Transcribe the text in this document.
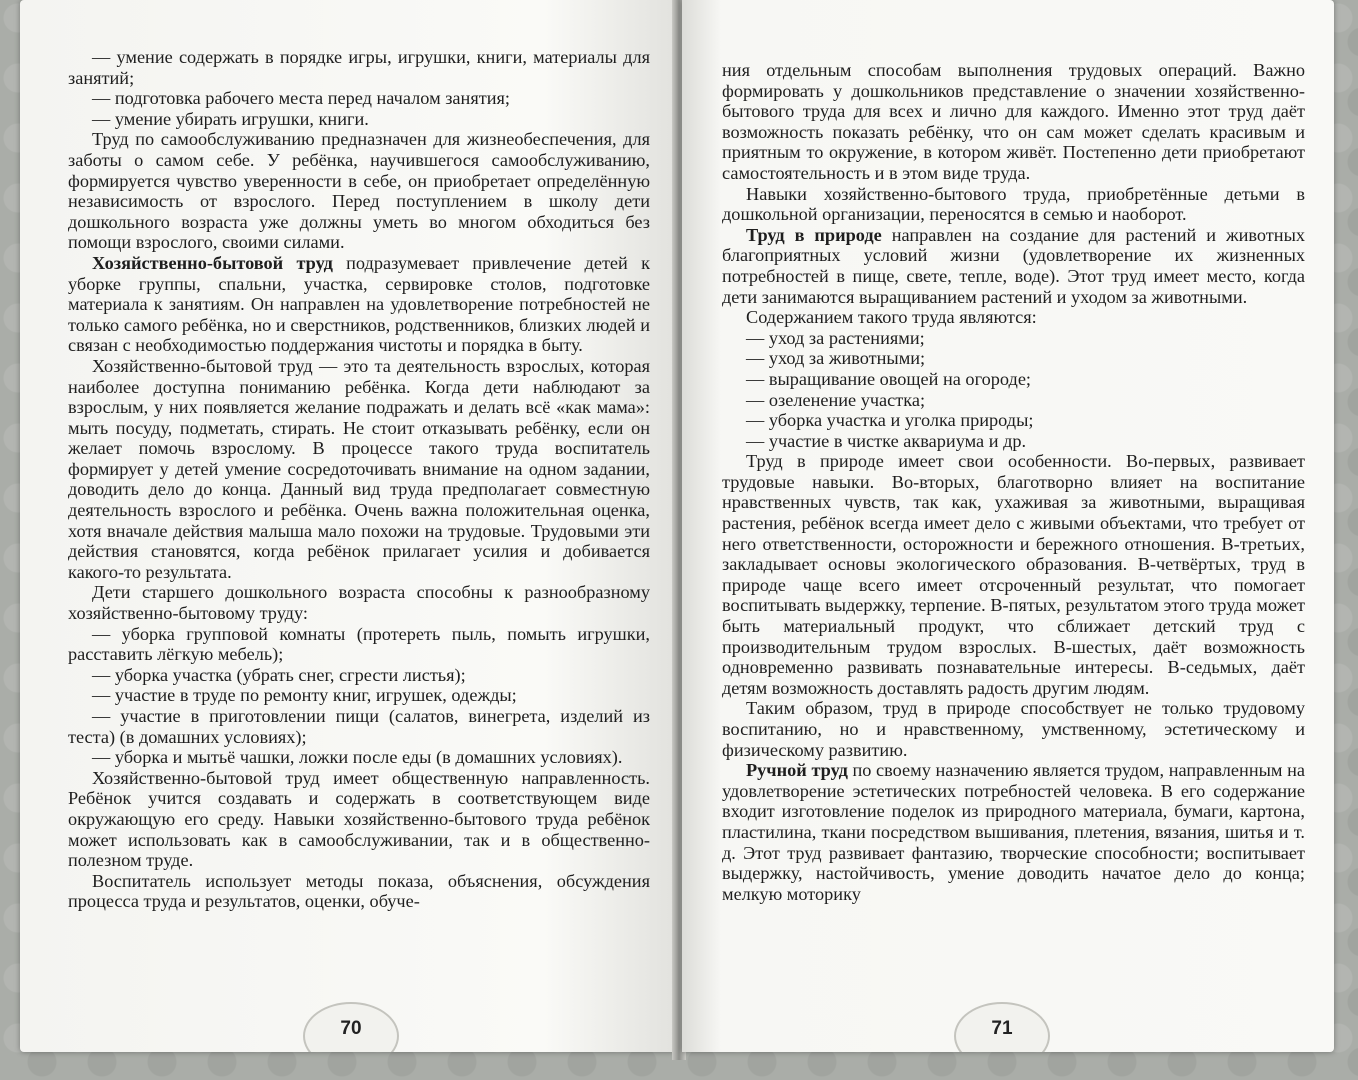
— умение содержать в порядке игры, игрушки, книги, материалы для занятий;

— подготовка рабочего места перед началом занятия;

— умение убирать игрушки, книги.

Труд по самообслуживанию предназначен для жизнеобеспечения, для заботы о самом себе. У ребёнка, научившегося самообслуживанию, формируется чувство уверенности в себе, он приобретает определённую независимость от взрослого. Перед поступлением в школу дети дошкольного возраста уже должны уметь во многом обходиться без помощи взрослого, своими силами.

Хозяйственно-бытовой труд подразумевает привлечение детей к уборке группы, спальни, участка, сервировке столов, подготовке материала к занятиям. Он направлен на удовлетворение потребностей не только самого ребёнка, но и сверстников, родственников, близких людей и связан с необходимостью поддержания чистоты и порядка в быту.

Хозяйственно-бытовой труд — это та деятельность взрослых, которая наиболее доступна пониманию ребёнка. Когда дети наблюдают за взрослым, у них появляется желание подражать и делать всё «как мама»: мыть посуду, подметать, стирать. Не стоит отказывать ребёнку, если он желает помочь взрослому. В процессе такого труда воспитатель формирует у детей умение сосредоточивать внимание на одном задании, доводить дело до конца. Данный вид труда предполагает совместную деятельность взрослого и ребёнка. Очень важна положительная оценка, хотя вначале действия малыша мало похожи на трудовые. Трудовыми эти действия становятся, когда ребёнок прилагает усилия и добивается какого-то результата.

Дети старшего дошкольного возраста способны к разнообразному хозяйственно-бытовому труду:

— уборка групповой комнаты (протереть пыль, помыть игрушки, расставить лёгкую мебель);

— уборка участка (убрать снег, сгрести листья);

— участие в труде по ремонту книг, игрушек, одежды;

— участие в приготовлении пищи (салатов, винегрета, изделий из теста) (в домашних условиях);

— уборка и мытьё чашки, ложки после еды (в домашних условиях).

Хозяйственно-бытовой труд имеет общественную направленность. Ребёнок учится создавать и содержать в соответствующем виде окружающую его среду. Навыки хозяйственно-бытового труда ребёнок может использовать как в самообслуживании, так и в общественно-полезном труде.

Воспитатель использует методы показа, объяснения, обсуждения процесса труда и результатов, оценки, обуче-

70

ния отдельным способам выполнения трудовых операций. Важно формировать у дошкольников представление о значении хозяйственно-бытового труда для всех и лично для каждого. Именно этот труд даёт возможность показать ребёнку, что он сам может сделать красивым и приятным то окружение, в котором живёт. Постепенно дети приобретают самостоятельность и в этом виде труда.

Навыки хозяйственно-бытового труда, приобретённые детьми в дошкольной организации, переносятся в семью и наоборот.

Труд в природе направлен на создание для растений и животных благоприятных условий жизни (удовлетворение их жизненных потребностей в пище, свете, тепле, воде). Этот труд имеет место, когда дети занимаются выращиванием растений и уходом за животными.

Содержанием такого труда являются:

— уход за растениями;

— уход за животными;

— выращивание овощей на огороде;

— озеленение участка;

— уборка участка и уголка природы;

— участие в чистке аквариума и др.

Труд в природе имеет свои особенности. Во-первых, развивает трудовые навыки. Во-вторых, благотворно влияет на воспитание нравственных чувств, так как, ухаживая за животными, выращивая растения, ребёнок всегда имеет дело с живыми объектами, что требует от него ответственности, осторожности и бережного отношения. В-третьих, закладывает основы экологического образования. В-четвёртых, труд в природе чаще всего имеет отсроченный результат, что помогает воспитывать выдержку, терпение. В-пятых, результатом этого труда может быть материальный продукт, что сближает детский труд с производительным трудом взрослых. В-шестых, даёт возможность одновременно развивать познавательные интересы. В-седьмых, даёт детям возможность доставлять радость другим людям.

Таким образом, труд в природе способствует не только трудовому воспитанию, но и нравственному, умственному, эстетическому и физическому развитию.

Ручной труд по своему назначению является трудом, направленным на удовлетворение эстетических потребностей человека. В его содержание входит изготовление поделок из природного материала, бумаги, картона, пластилина, ткани посредством вышивания, плетения, вязания, шитья и т. д. Этот труд развивает фантазию, творческие способности; воспитывает выдержку, настойчивость, умение доводить начатое дело до конца; мелкую моторику

71
